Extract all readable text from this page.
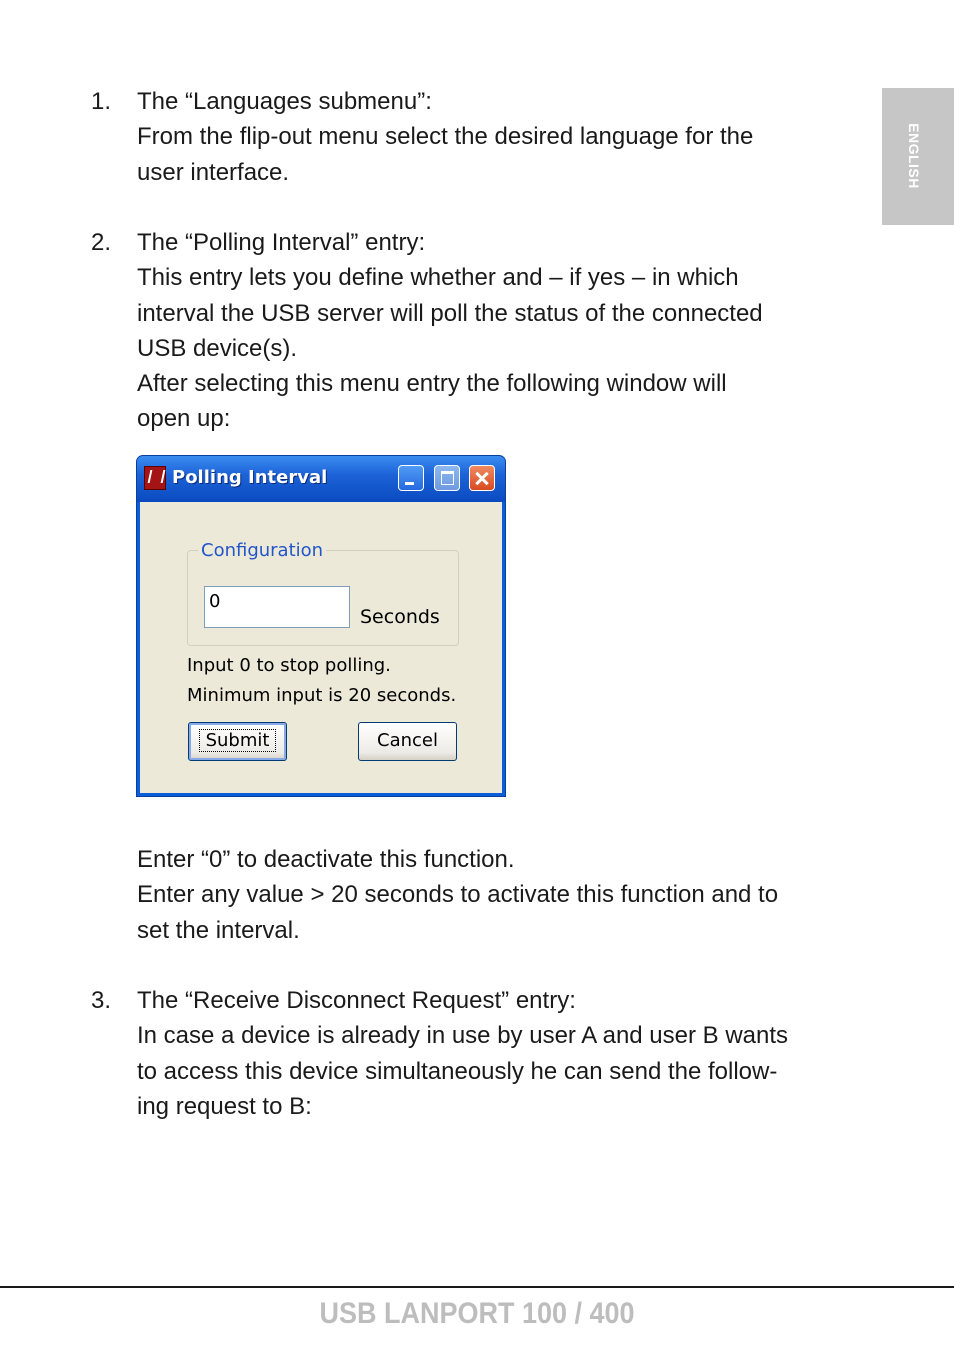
ENGLISH
1. The “Languages submenu”:

From the flip-out menu select the desired language for the

user interface.

2. The “Polling Interval” entry:

This entry lets you define whether and – if yes – in which

interval the USB server will poll the status of the connected

USB device(s).

After selecting this menu entry the following window will

open up:

Enter “0” to deactivate this function.

Enter any value > 20 seconds to activate this function and to

set the interval.

Polling Interval
Configuration
0
Seconds
Input 0 to stop polling.
Minimum input is 20 seconds.
Submit	Cancel
3. The “Receive Disconnect Request” entry:

In case a device is already in use by user A and user B wants

to access this device simultaneously he can send the follow-

ing request to B:

USB LANPORT 100 / 400
